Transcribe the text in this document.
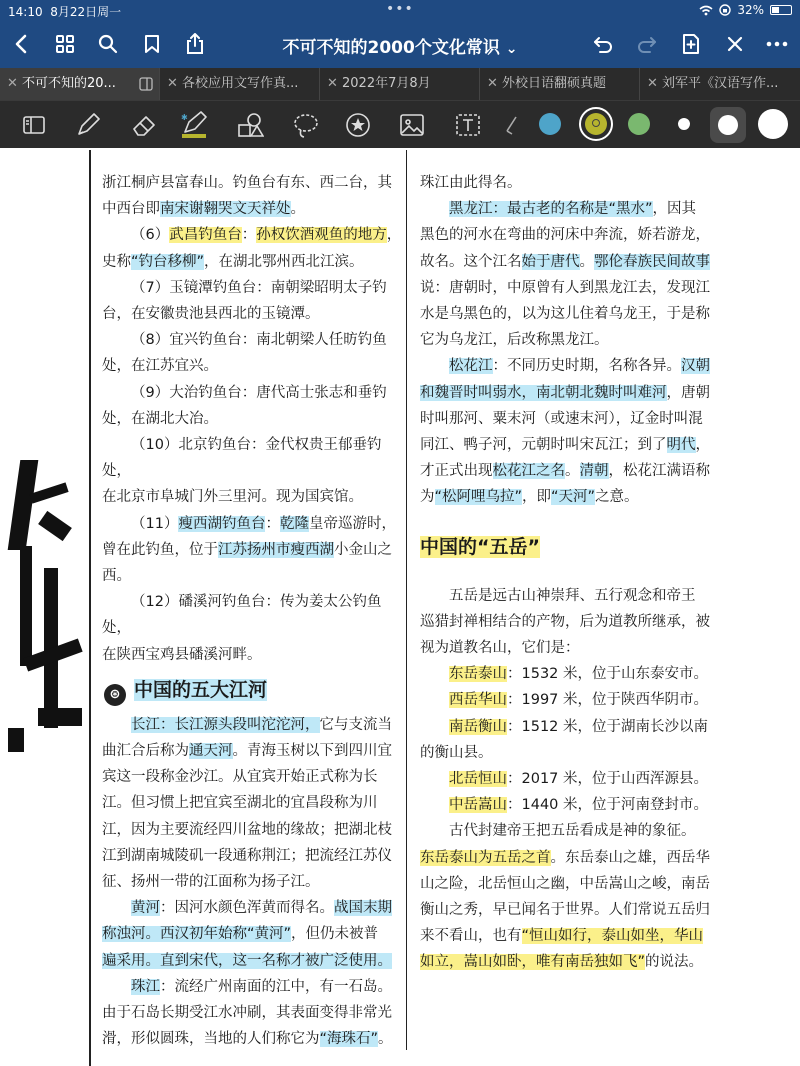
14:10 8月22日周一	•••	32%
不可不知的2000个文化常识 ⌄
✕ 不可不知的20...	✕ 各校应用文写作真...	✕ 2022年7月8月	✕ 外校日语翻硕真题	✕ 刘军平《汉语写作...
✱

浙江桐庐县富春山。钓鱼台有东、西二台，其

中西台即南宋谢翱哭文天祥处。

（6）武昌钓鱼台：孙权饮酒观鱼的地方，

史称“钓台移柳”，在湖北鄂州西北江滨。

（7）玉镜潭钓鱼台：南朝梁昭明太子钓

台，在安徽贵池县西北的玉镜潭。

（8）宜兴钓鱼台：南北朝梁人任昉钓鱼

处，在江苏宜兴。

（9）大治钓鱼台：唐代高士张志和垂钓

处，在湖北大冶。

（10）北京钓鱼台：金代权贵王郁垂钓处，

在北京市阜城门外三里河。现为国宾馆。

（11）瘦西湖钓鱼台：乾隆皇帝巡游时，

曾在此钓鱼，位于江苏扬州市瘦西湖小金山之

西。

（12）磻溪河钓鱼台：传为姜太公钓鱼处，

在陕西宝鸡县磻溪河畔。

⊛ 中国的五大江河

长江：长江源头段叫沱沱河，它与支流当

曲汇合后称为通天河。青海玉树以下到四川宜

宾这一段称金沙江。从宜宾开始正式称为长

江。但习惯上把宜宾至湖北的宜昌段称为川

江，因为主要流经四川盆地的缘故；把湖北枝

江到湖南城陵矶一段通称荆江；把流经江苏仪

征、扬州一带的江面称为扬子江。

黄河：因河水颜色浑黄而得名。战国末期

称浊河。西汉初年始称“黄河”，但仍未被普

遍采用。直到宋代，这一名称才被广泛使用。

珠江：流经广州南面的江中，有一石岛。

由于石岛长期受江水冲刷，其表面变得非常光

滑，形似圆珠，当地的人们称它为“海珠石”。

珠江由此得名。

黑龙江：最古老的名称是“黑水”，因其

黑色的河水在弯曲的河床中奔流，娇若游龙，

故名。这个江名始于唐代。鄂伦春族民间故事

说：唐朝时，中原曾有人到黑龙江去，发现江

水是乌黑色的，以为这儿住着乌龙王，于是称

它为乌龙江，后改称黑龙江。

松花江：不同历史时期，名称各异。汉朝

和魏晋时叫弱水，南北朝北魏时叫难河，唐朝

时叫那河、粟末河（或速末河），辽金时叫混

同江、鸭子河，元朝时叫宋瓦江；到了明代，

才正式出现松花江之名。清朝，松花江满语称

为“松阿哩乌拉”，即“天河”之意。

中国的“五岳”

五岳是远古山神崇拜、五行观念和帝王

巡猎封禅相结合的产物，后为道教所继承，被

视为道教名山，它们是：

东岳泰山：1532 米，位于山东泰安市。

西岳华山：1997 米，位于陕西华阴市。

南岳衡山：1512 米，位于湖南长沙以南

的衡山县。

北岳恒山：2017 米，位于山西浑源县。

中岳嵩山：1440 米，位于河南登封市。

古代封建帝王把五岳看成是神的象征。

东岳泰山为五岳之首。东岳泰山之雄，西岳华

山之险，北岳恒山之幽，中岳嵩山之峻，南岳

衡山之秀，早已闻名于世界。人们常说五岳归

来不看山，也有“恒山如行，泰山如坐，华山

如立，嵩山如卧，唯有南岳独如飞”的说法。
